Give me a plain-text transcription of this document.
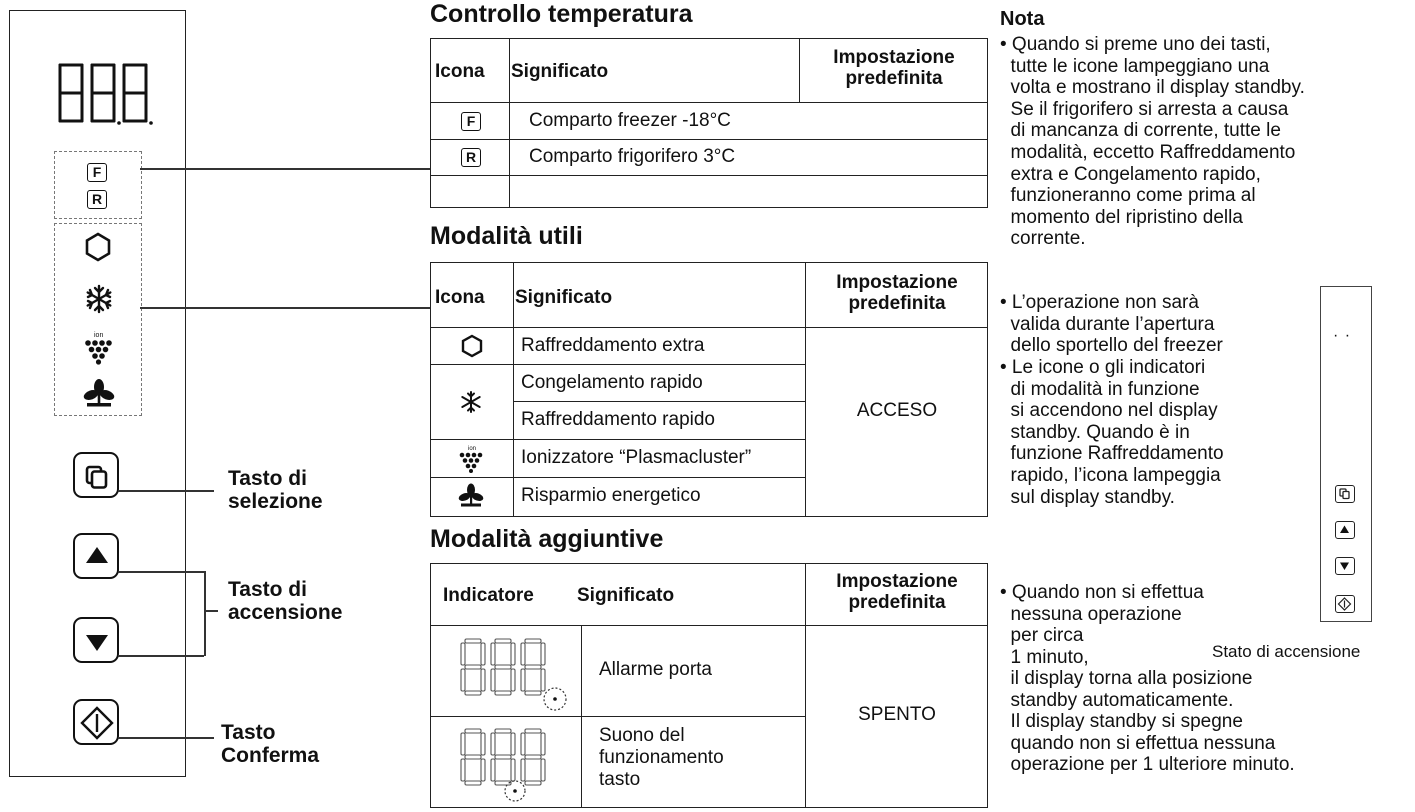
F
R
ion
Tasto di
selezione
Tasto di
accensione
Tasto
Conferma
Controllo temperatura
Icona Significato
Impostazione
predefinita
F	Comparto freezer -18°C
R	Comparto frigorifero 3°C
Modalità utili
Icona Significato
Impostazione
predefinita
Raffreddamento extra
Congelamento rapido
Raffreddamento rapido
ion Ionizzatore “Plasmacluster”
Risparmio energetico
ACCESO
Modalità aggiuntive
Indicatore Significato
Impostazione
predefinita
Allarme porta
Suono del
funzionamento
tasto
SPENTO
Nota
• Quando si preme uno dei tasti,
tutte le icone lampeggiano una
volta e mostrano il display standby.
Se il frigorifero si arresta a causa
di mancanza di corrente, tutte le
modalità, eccetto Raffreddamento
extra e Congelamento rapido,
funzioneranno come prima al
momento del ripristino della
corrente.
• L’operazione non sarà
valida durante l’apertura
dello sportello del freezer
• Le icone o gli indicatori
di modalità in funzione
si accendono nel display
standby. Quando è in
funzione Raffreddamento
rapido, l’icona lampeggia
sul display standby.
• Quando non si effettua
nessuna operazione
per circa
1 minuto,
il display torna alla posizione
standby automaticamente.
Il display standby si spegne
quando non si effettua nessuna
operazione per 1 ulteriore minuto.
· ·
Stato di accensione
